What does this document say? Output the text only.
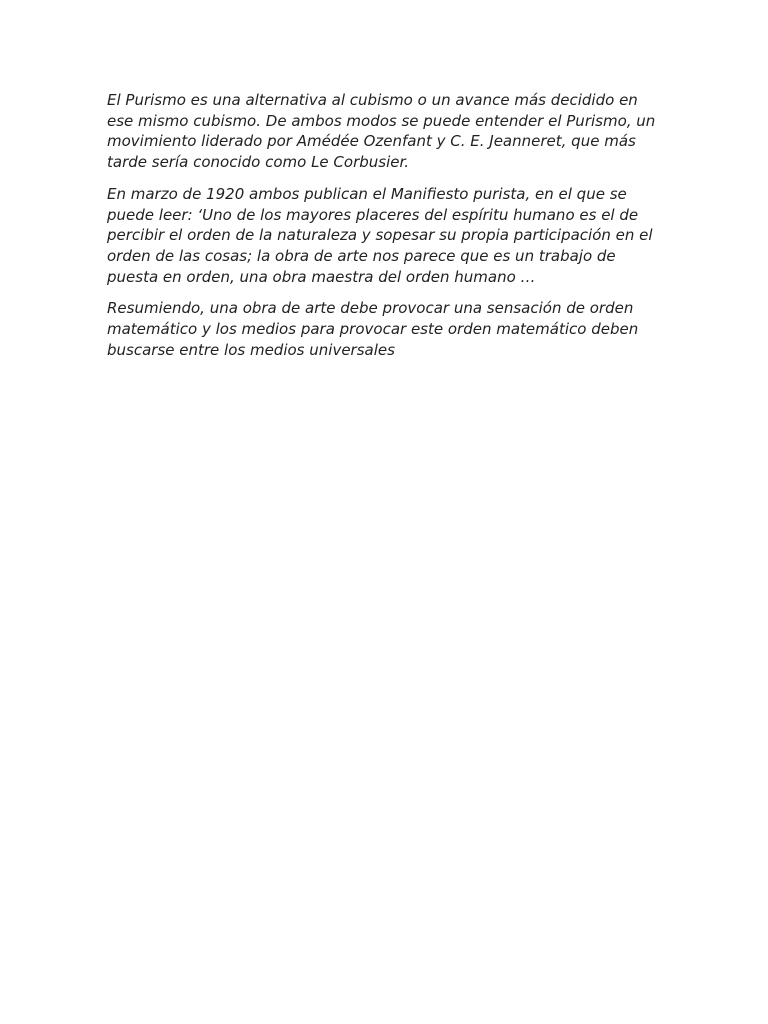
El Purismo es una alternativa al cubismo o un avance más decidido en ese mismo cubismo. De ambos modos se puede entender el Purismo, un movimiento liderado por Amédée Ozenfant y C. E. Jeanneret, que más tarde sería conocido como Le Corbusier.

En marzo de 1920 ambos publican el Manifiesto purista, en el que se puede leer: ‘Uno de los mayores placeres del espíritu humano es el de percibir el orden de la naturaleza y sopesar su propia participación en el orden de las cosas; la obra de arte nos parece que es un trabajo de puesta en orden, una obra maestra del orden humano …

Resumiendo, una obra de arte debe provocar una sensación de orden matemático y los medios para provocar este orden matemático deben buscarse entre los medios universales
